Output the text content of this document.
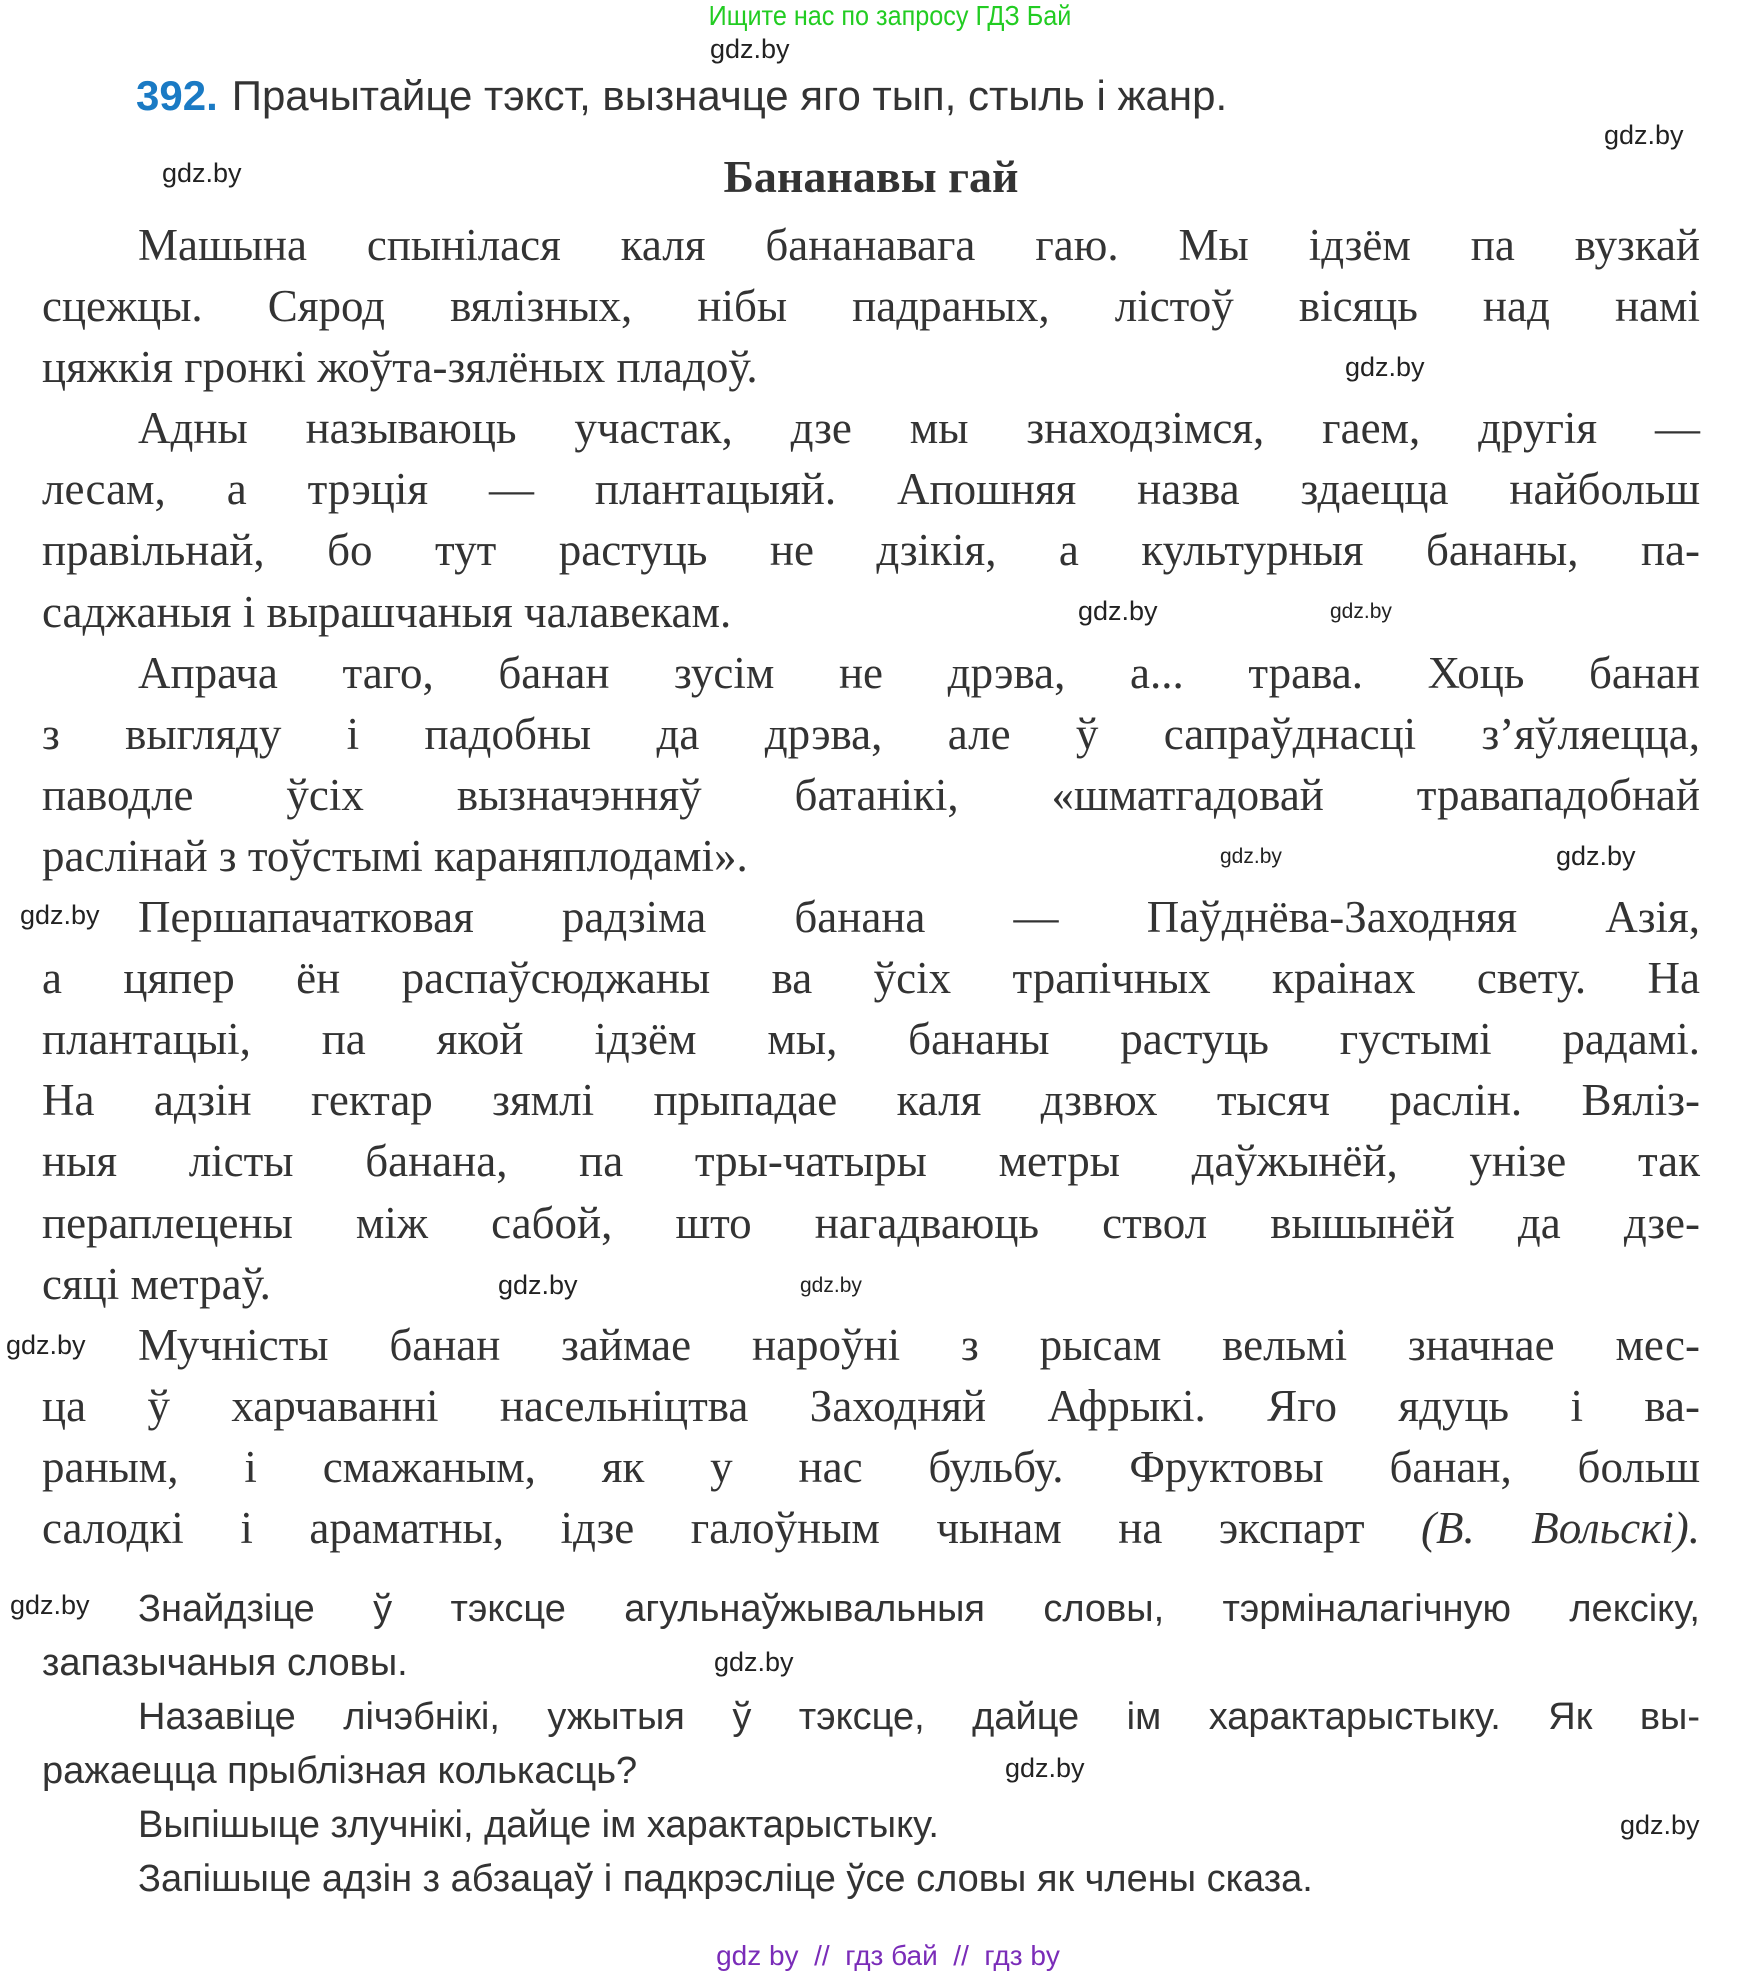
Ищите нас по запросу ГДЗ Бай
392. Прачытайце тэкст, вызначце яго тып, стыль і жанр.
Бананавы гай
Машына спынілася каля бананавага гаю. Мы ідзём па вузкай
сцежцы. Сярод вялізных, нібы падраных, лістоў вісяць над намі
цяжкія гронкі жоўта-зялёных пладоў.
Адны называюць участак, дзе мы знаходзімся, гаем, другія —
лесам, а трэція — плантацыяй. Апошняя назва здаецца найбольш
правільнай, бо тут растуць не дзікія, а культурныя бананы, па-
саджаныя і вырашчаныя чалавекам.
Апрача таго, банан зусім не дрэва, а... трава. Хоць банан
з выгляду і падобны да дрэва, але ў сапраўднасці з’яўляецца,
паводле ўсіх вызначэнняў батанікі, «шматгадовай травападобнай
раслінай з тоўстымі караняплодамі».
Першапачатковая радзіма банана — Паўднёва-Заходняя Азія,
а цяпер ён распаўсюджаны ва ўсіх трапічных краінах свету. На
плантацыі, па якой ідзём мы, бананы растуць густымі радамі.
На адзін гектар зямлі прыпадае каля дзвюх тысяч раслін. Вяліз-
ныя лісты банана, па тры-чатыры метры даўжынёй, унізе так
пераплецены між сабой, што нагадваюць ствол вышынёй да дзе-
сяці метраў.
Мучністы банан займае нароўні з рысам вельмі значнае мес-
ца ў харчаванні насельніцтва Заходняй Афрыкі. Яго ядуць і ва-
раным, і смажаным, як у нас бульбу. Фруктовы банан, больш
салодкі і араматны, ідзе галоўным чынам на экспарт (В. Вольскі).
Знайдзіце ў тэксце агульнаўжывальныя словы, тэрміналагічную лексіку,
запазычаныя словы.
Назавіце лічэбнікі, ужытыя ў тэксце, дайце ім характарыстыку. Як вы-
ражаецца прыблізная колькасць?
Выпішыце злучнікі, дайце ім характарыстыку.
Запішыце адзін з абзацаў і падкрэсліце ўсе словы як члены сказа.
gdz.by
gdz.by
gdz.by
gdz.by
gdz.by	gdz.by
gdz.by
gdz.by
gdz.by
gdz.by	gdz.by
gdz.by
gdz.by
gdz.by
gdz.by
gdz.by
gdz by  //  гдз бай  //  гдз by
